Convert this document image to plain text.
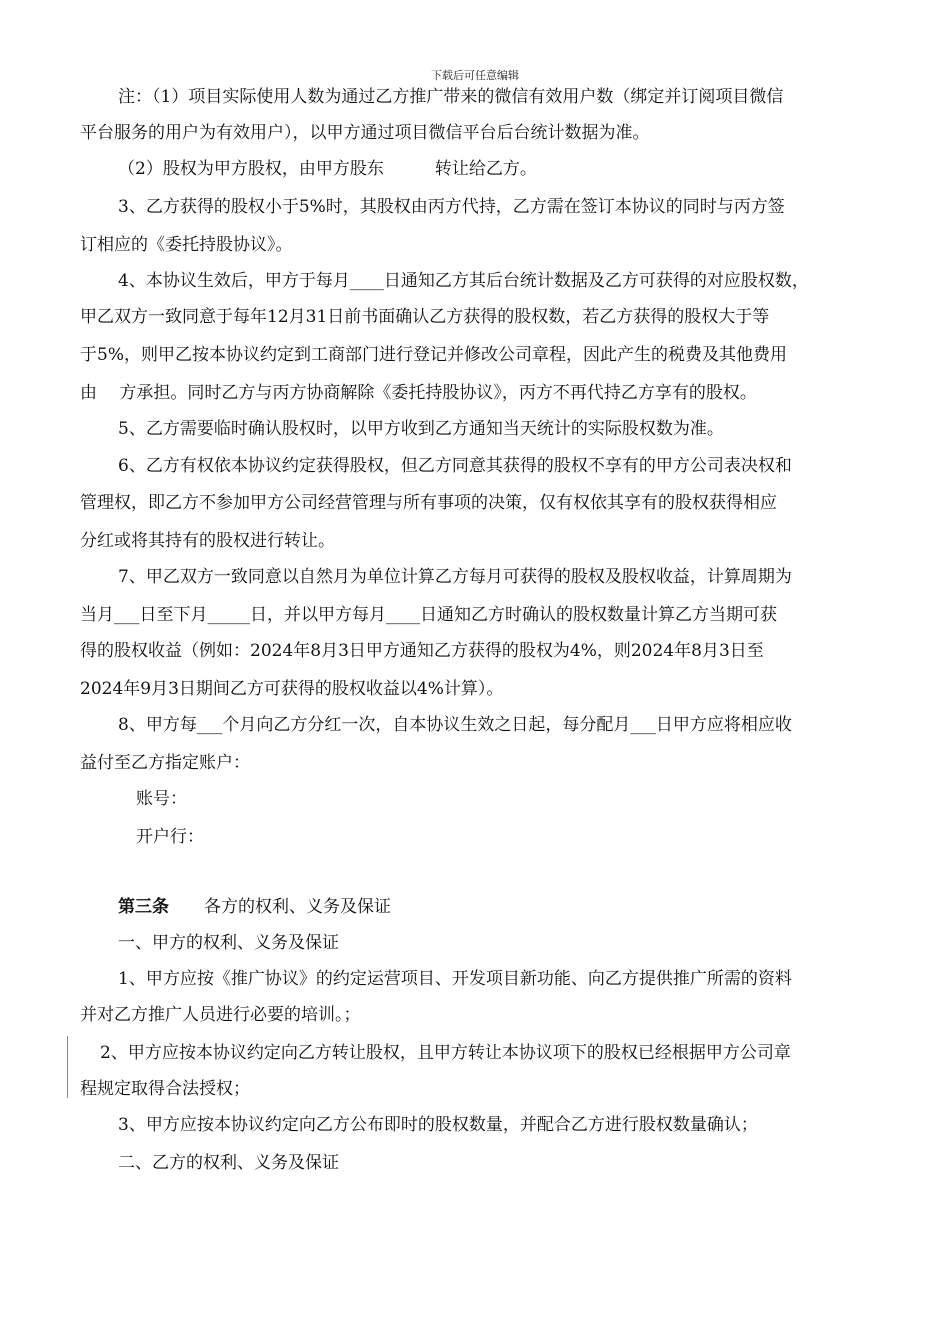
下载后可任意编辑
注：（1）项目实际使用人数为通过乙方推广带来的微信有效用户数（绑定并订阅项目微信
平台服务的用户为有效用户），以甲方通过项目微信平台后台统计数据为准。
（2）股权为甲方股权，由甲方股东　　　转让给乙方。
3、乙方获得的股权小于5%时，其股权由丙方代持，乙方需在签订本协议的同时与丙方签
订相应的《委托持股协议》。
4、本协议生效后，甲方于每月____日通知乙方其后台统计数据及乙方可获得的对应股权数，
甲乙双方一致同意于每年12月31日前书面确认乙方获得的股权数，若乙方获得的股权大于等
于5%，则甲乙按本协议约定到工商部门进行登记并修改公司章程，因此产生的税费及其他费用
由　 方承担。同时乙方与丙方协商解除《委托持股协议》，丙方不再代持乙方享有的股权。
5、乙方需要临时确认股权时，以甲方收到乙方通知当天统计的实际股权数为准。
6、乙方有权依本协议约定获得股权，但乙方同意其获得的股权不享有的甲方公司表决权和
管理权，即乙方不参加甲方公司经营管理与所有事项的决策，仅有权依其享有的股权获得相应
分红或将其持有的股权进行转让。
7、甲乙双方一致同意以自然月为单位计算乙方每月可获得的股权及股权收益，计算周期为
当月___日至下月_____日，并以甲方每月____日通知乙方时确认的股权数量计算乙方当期可获
得的股权收益（例如：2024年8月3日甲方通知乙方获得的股权为4%，则2024年8月3日至
2024年9月3日期间乙方可获得的股权收益以4%计算）。
8、甲方每___个月向乙方分红一次，自本协议生效之日起，每分配月___日甲方应将相应收
益付至乙方指定账户：
账号：
开户行：
第三条 各方的权利、义务及保证
一、甲方的权利、义务及保证
1、甲方应按《推广协议》的约定运营项目、开发项目新功能、向乙方提供推广所需的资料
并对乙方推广人员进行必要的培训。；
2、甲方应按本协议约定向乙方转让股权，且甲方转让本协议项下的股权已经根据甲方公司章
程规定取得合法授权；
3、甲方应按本协议约定向乙方公布即时的股权数量，并配合乙方进行股权数量确认；
二、乙方的权利、义务及保证
